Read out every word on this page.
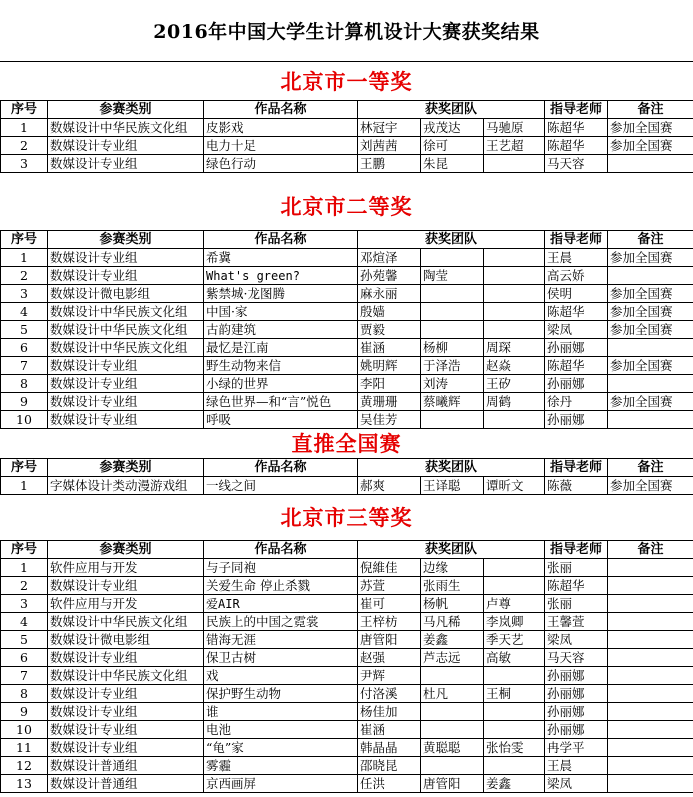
2016年中国大学生计算机设计大赛获奖结果
北京市一等奖
序号	参赛类别	作品名称	获奖团队			指导老师	备注
1	数媒设计中华民族文化组	皮影戏	林冠宇	戎茂达	马驰原	陈超华	参加全国赛
2	数媒设计专业组	电力十足	刘茜茜	徐可	王艺超	陈超华	参加全国赛
3	数媒设计专业组	绿色行动	王鹏	朱昆		马天容	
北京市二等奖
序号	参赛类别	作品名称	获奖团队			指导老师	备注
1	数媒设计专业组	希冀	邓煊泽			王晨	参加全国赛
2	数媒设计专业组	What's green?	孙苑馨	陶莹		高云娇	
3	数媒设计微电影组	紫禁城·龙图腾	麻永丽			侯明	参加全国赛
4	数媒设计中华民族文化组	中国·家	殷嫱			陈超华	参加全国赛
5	数媒设计中华民族文化组	古韵建筑	贾毅			梁凤	参加全国赛
6	数媒设计中华民族文化组	最忆是江南	崔涵	杨柳	周琛	孙丽娜	
7	数媒设计专业组	野生动物来信	姚明辉	于泽浩	赵焱	陈超华	参加全国赛
8	数媒设计专业组	小绿的世界	李阳	刘涛	王矽	孙丽娜	
9	数媒设计专业组	绿色世界—和“言”悦色	黄珊珊	蔡曦辉	周鹤	徐丹	参加全国赛
10	数媒设计专业组	呼吸	吴佳芳			孙丽娜	
直推全国赛
序号	参赛类别	作品名称	获奖团队			指导老师	备注
1	字媒体设计类动漫游戏组	一线之间	郝爽	王译聪	谭昕文	陈薇	参加全国赛
北京市三等奖
序号	参赛类别	作品名称	获奖团队			指导老师	备注
1	软件应用与开发	与子同袍	倪維佳	边缘		张丽	
2	数媒设计专业组	关爱生命 停止杀戮	苏萱	张雨生		陈超华	
3	软件应用与开发	爱AIR	崔可	杨帆	卢尊	张丽	
4	数媒设计中华民族文化组	民族上的中国之霓裳	王梓枋	马凡稀	李岚卿	王馨萱	
5	数媒设计微电影组	错海无涯	唐管阳	姜鑫	季天艺	梁凤	
6	数媒设计专业组	保卫古树	赵强	芦志远	高敏	马天容	
7	数媒设计中华民族文化组	戏	尹辉			孙丽娜	
8	数媒设计专业组	保护野生动物	付洛溪	杜凡	王桐	孙丽娜	
9	数媒设计专业组	谁	杨佳加			孙丽娜	
10	数媒设计专业组	电池	崔涵			孙丽娜	
11	数媒设计专业组	“龟”家	韩晶晶	黄聪聪	张怡雯	冉学平	
12	数媒设计普通组	雾霾	邵晓昆			王晨	
13	数媒设计普通组	京西画屏	任洪	唐管阳	姜鑫	梁凤	
